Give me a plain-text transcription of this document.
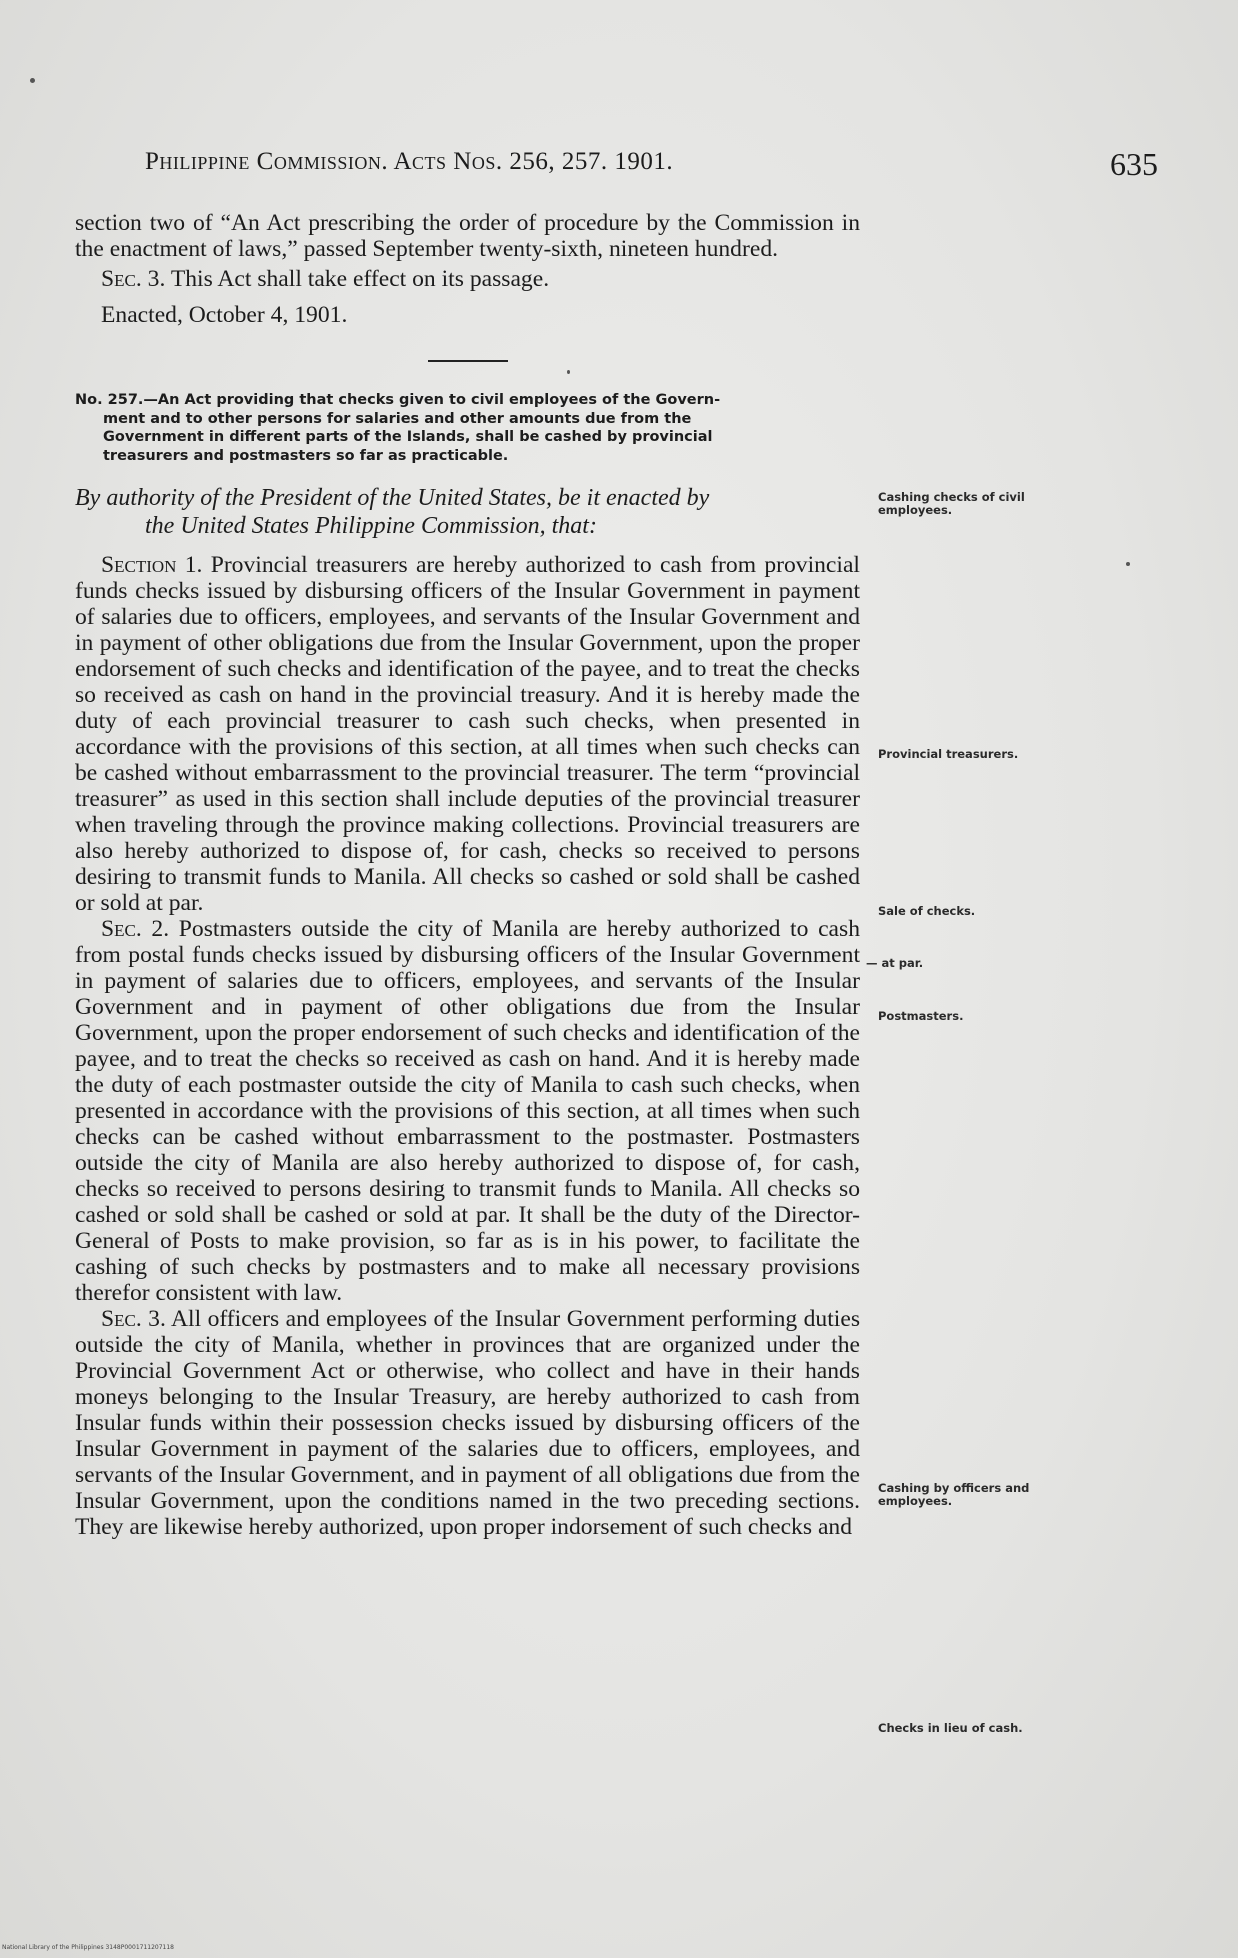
Philippine Commission. Acts Nos. 256, 257. 1901.	635

section two of “An Act prescribing the order of procedure by the Commission in the enactment of laws,” passed September twenty-sixth, nineteen hundred.

Sec. 3. This Act shall take effect on its passage.

Enacted, October 4, 1901.

No. 257.—An Act providing that checks given to civil employees of the Govern-
ment and to other persons for salaries and other amounts due from the
Government in different parts of the Islands, shall be cashed by provincial
treasurers and postmasters so far as practicable.
By authority of the President of the United States, be it enacted by
the United States Philippine Commission, that:

Section 1. Provincial treasurers are hereby authorized to cash from provincial funds checks issued by disbursing officers of the Insular Government in payment of salaries due to officers, employees, and servants of the Insular Government and in payment of other obligations due from the Insular Government, upon the proper endorsement of such checks and identification of the payee, and to treat the checks so received as cash on hand in the provincial treasury. And it is hereby made the duty of each provincial treasurer to cash such checks, when presented in accordance with the provisions of this section, at all times when such checks can be cashed without embarrassment to the provincial treasurer. The term “provincial treasurer” as used in this section shall include deputies of the provincial treasurer when traveling through the province making collections. Provincial treasurers are also hereby authorized to dispose of, for cash, checks so received to persons desiring to transmit funds to Manila. All checks so cashed or sold shall be cashed or sold at par.

Sec. 2. Postmasters outside the city of Manila are hereby authorized to cash from postal funds checks issued by disbursing officers of the Insular Government in payment of salaries due to officers, employees, and servants of the Insular Government and in payment of other obligations due from the Insular Government, upon the proper endorsement of such checks and identification of the payee, and to treat the checks so received as cash on hand. And it is hereby made the duty of each postmaster outside the city of Manila to cash such checks, when presented in accordance with the provisions of this section, at all times when such checks can be cashed without embarrassment to the postmaster. Postmasters outside the city of Manila are also hereby authorized to dispose of, for cash, checks so received to persons desiring to transmit funds to Manila. All checks so cashed or sold shall be cashed or sold at par. It shall be the duty of the Director-General of Posts to make provision, so far as is in his power, to facilitate the cashing of such checks by postmasters and to make all necessary provisions therefor consistent with law.

Sec. 3. All officers and employees of the Insular Government performing duties outside the city of Manila, whether in provinces that are organized under the Provincial Government Act or otherwise, who collect and have in their hands moneys belonging to the Insular Treasury, are hereby authorized to cash from Insular funds within their possession checks issued by disbursing officers of the Insular Government in payment of the salaries due to officers, employees, and servants of the Insular Government, and in payment of all obligations due from the Insular Government, upon the conditions named in the two preceding sections. They are likewise hereby authorized, upon proper indorsement of such checks and

Cashing checks of civil employees.
Provincial treasurers.
Sale of checks.
— at par.
Postmasters.
Cashing by officers and employees.
Checks in lieu of cash.
National Library of the Philippines 3148P0001711207118
